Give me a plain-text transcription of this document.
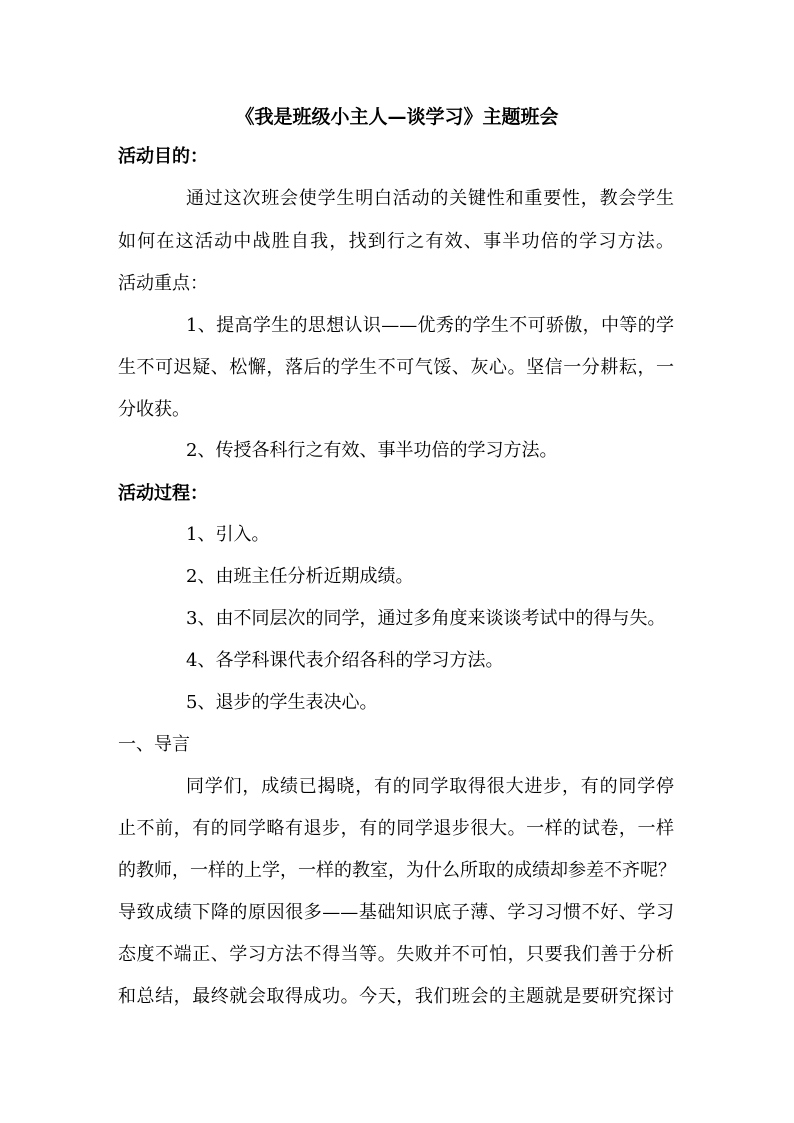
《我是班级小主人—谈学习》主题班会
活动目的：
通过这次班会使学生明白活动的关键性和重要性，教会学生
如何在这活动中战胜自我，找到行之有效、事半功倍的学习方法。
活动重点：
1、提高学生的思想认识——优秀的学生不可骄傲，中等的学
生不可迟疑、松懈，落后的学生不可气馁、灰心。坚信一分耕耘，一
分收获。
2、传授各科行之有效、事半功倍的学习方法。
活动过程：
1、引入。
2、由班主任分析近期成绩。
3、由不同层次的同学，通过多角度来谈谈考试中的得与失。
4、各学科课代表介绍各科的学习方法。
5、退步的学生表决心。
一、导言
同学们，成绩已揭晓，有的同学取得很大进步，有的同学停
止不前，有的同学略有退步，有的同学退步很大。一样的试卷，一样
的教师，一样的上学，一样的教室，为什么所取的成绩却参差不齐呢？
导致成绩下降的原因很多——基础知识底子薄、学习习惯不好、学习
态度不端正、学习方法不得当等。失败并不可怕，只要我们善于分析
和总结，最终就会取得成功。今天，我们班会的主题就是要研究探讨
